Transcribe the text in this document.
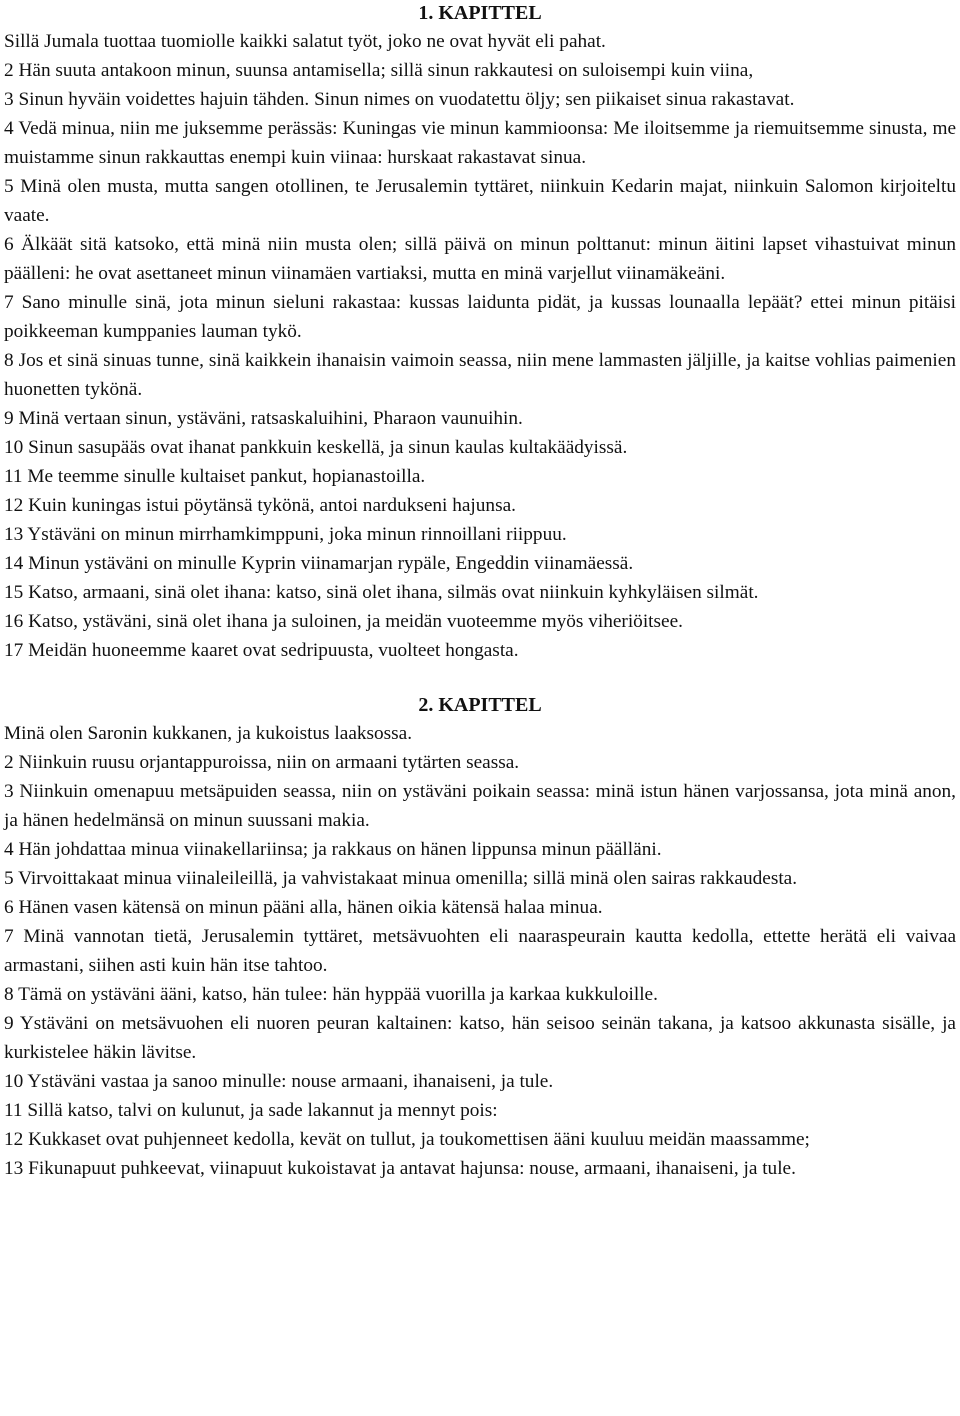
1. KAPITTEL

Sillä Jumala tuottaa tuomiolle kaikki salatut työt, joko ne ovat hyvät eli pahat.

2 Hän suuta antakoon minun, suunsa antamisella; sillä sinun rakkautesi on suloisempi kuin viina,

3 Sinun hyväin voidettes hajuin tähden. Sinun nimes on vuodatettu öljy; sen piikaiset sinua rakastavat.

4 Vedä minua, niin me juksemme perässäs: Kuningas vie minun kammioonsa: Me iloitsemme ja riemuitsemme sinusta, me muistamme sinun rakkauttas enempi kuin viinaa: hurskaat rakastavat sinua.

5 Minä olen musta, mutta sangen otollinen, te Jerusalemin tyttäret, niinkuin Kedarin majat, niinkuin Salomon kirjoiteltu vaate.

6 Älkäät sitä katsoko, että minä niin musta olen; sillä päivä on minun polttanut: minun äitini lapset vihastuivat minun päälleni: he ovat asettaneet minun viinamäen vartiaksi, mutta en minä varjellut viinamäkeäni.

7 Sano minulle sinä, jota minun sieluni rakastaa: kussas laidunta pidät, ja kussas lounaalla lepäät? ettei minun pitäisi poikkeeman kumppanies lauman tykö.

8 Jos et sinä sinuas tunne, sinä kaikkein ihanaisin vaimoin seassa, niin mene lammasten jäljille, ja kaitse vohlias paimenien huonetten tykönä.

9 Minä vertaan sinun, ystäväni, ratsaskaluihini, Pharaon vaunuihin.

10 Sinun sasupääs ovat ihanat pankkuin keskellä, ja sinun kaulas kultakäädyissä.

11 Me teemme sinulle kultaiset pankut, hopianastoilla.

12 Kuin kuningas istui pöytänsä tykönä, antoi nardukseni hajunsa.

13 Ystäväni on minun mirrhamkimppuni, joka minun rinnoillani riippuu.

14 Minun ystäväni on minulle Kyprin viinamarjan rypäle, Engeddin viinamäessä.

15 Katso, armaani, sinä olet ihana: katso, sinä olet ihana, silmäs ovat niinkuin kyhkyläisen silmät.

16 Katso, ystäväni, sinä olet ihana ja suloinen, ja meidän vuoteemme myös viheriöitsee.

17 Meidän huoneemme kaaret ovat sedripuusta, vuolteet hongasta.

2. KAPITTEL

Minä olen Saronin kukkanen, ja kukoistus laaksossa.

2 Niinkuin ruusu orjantappuroissa, niin on armaani tytärten seassa.

3 Niinkuin omenapuu metsäpuiden seassa, niin on ystäväni poikain seassa: minä istun hänen varjossansa, jota minä anon, ja hänen hedelmänsä on minun suussani makia.

4 Hän johdattaa minua viinakellariinsa; ja rakkaus on hänen lippunsa minun päälläni.

5 Virvoittakaat minua viinaleileillä, ja vahvistakaat minua omenilla; sillä minä olen sairas rakkaudesta.

6 Hänen vasen kätensä on minun pääni alla, hänen oikia kätensä halaa minua.

7 Minä vannotan tietä, Jerusalemin tyttäret, metsävuohten eli naaraspeurain kautta kedolla, ettette herätä eli vaivaa armastani, siihen asti kuin hän itse tahtoo.

8 Tämä on ystäväni ääni, katso, hän tulee: hän hyppää vuorilla ja karkaa kukkuloille.

9 Ystäväni on metsävuohen eli nuoren peuran kaltainen: katso, hän seisoo seinän takana, ja katsoo akkunasta sisälle, ja kurkistelee häkin lävitse.

10 Ystäväni vastaa ja sanoo minulle: nouse armaani, ihanaiseni, ja tule.

11 Sillä katso, talvi on kulunut, ja sade lakannut ja mennyt pois:

12 Kukkaset ovat puhjenneet kedolla, kevät on tullut, ja toukomettisen ääni kuuluu meidän maassamme;

13 Fikunapuut puhkeevat, viinapuut kukoistavat ja antavat hajunsa: nouse, armaani, ihanaiseni, ja tule.
